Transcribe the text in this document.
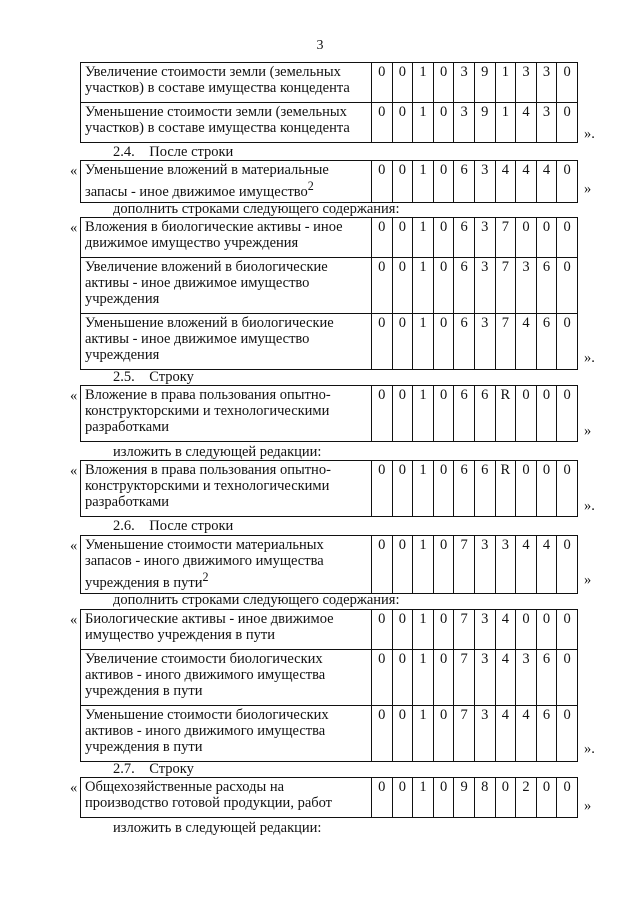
3
Увеличение стоимости земли (земельных участков) в составе имущества концедента	0	0	1	0	3	9	1	3	3	0
Уменьшение стоимости земли (земельных участков) в составе имущества концедента	0	0	1	0	3	9	1	4	3	0
».
2.4. После строки
« Уменьшение вложений в материальные запасы - иное движимое имущество$^2$	0	0	1	0	6	3	4	4	4	0
»
дополнить строками следующего содержания:
« Вложения в биологические активы - иное движимое имущество учреждения	0	0	1	0	6	3	7	0	0	0
Увеличение вложений в биологические активы - иное движимое имущество учреждения	0	0	1	0	6	3	7	3	6	0
Уменьшение вложений в биологические активы - иное движимое имущество учреждения	0	0	1	0	6	3	7	4	6	0
».
2.5. Строку
« Вложение в права пользования опытно-конструкторскими и технологическими разработками	0	0	1	0	6	6	R	0	0	0
»
изложить в следующей редакции:
« Вложения в права пользования опытно-конструкторскими и технологическими разработками	0	0	1	0	6	6	R	0	0	0
».
2.6. После строки
« Уменьшение стоимости материальных запасов - иного движимого имущества учреждения в пути$^2$	0	0	1	0	7	3	3	4	4	0
»
дополнить строками следующего содержания:
« Биологические активы - иное движимое имущество учреждения в пути	0	0	1	0	7	3	4	0	0	0
Увеличение стоимости биологических активов - иного движимого имущества учреждения в пути	0	0	1	0	7	3	4	3	6	0
Уменьшение стоимости биологических активов - иного движимого имущества учреждения в пути	0	0	1	0	7	3	4	4	6	0
».
2.7. Строку
« Общехозяйственные расходы на производство готовой продукции, работ	0	0	1	0	9	8	0	2	0	0
»
изложить в следующей редакции:
